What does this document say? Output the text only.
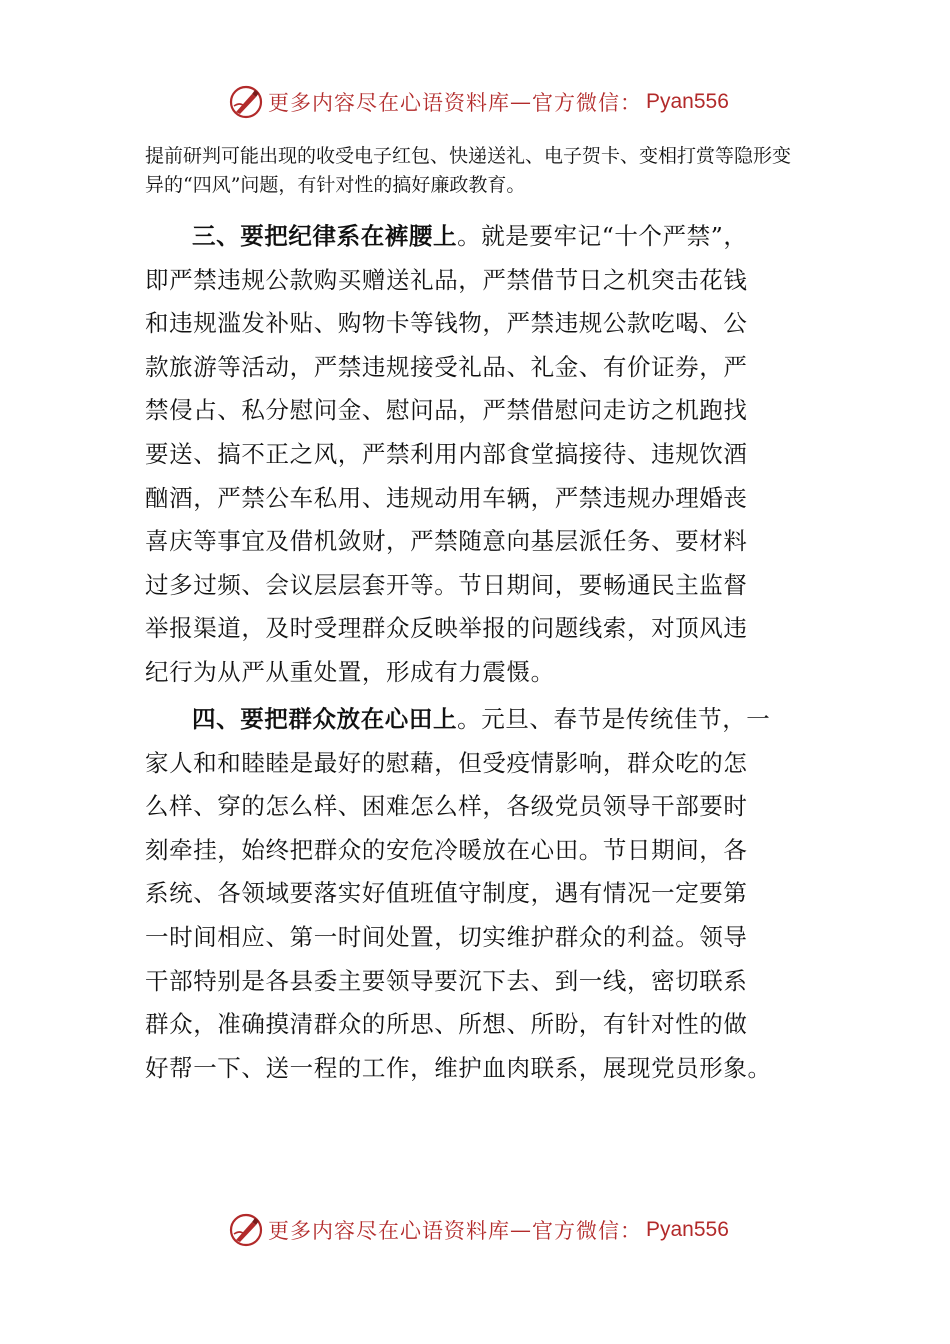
更多内容尽在心语资料库 — 官方微信： Pyan556

提前研判可能出现的收受电子红包、快递送礼、电子贺卡、变相打赏等隐形变

异的“四风”问题，有针对性的搞好廉政教育。

三、要把纪律系在裤腰上。就是要牢记“十个严禁”，
即严禁违规公款购买赠送礼品，严禁借节日之机突击花钱
和违规滥发补贴、购物卡等钱物，严禁违规公款吃喝、公
款旅游等活动，严禁违规接受礼品、礼金、有价证券，严
禁侵占、私分慰问金、慰问品，严禁借慰问走访之机跑找
要送、搞不正之风，严禁利用内部食堂搞接待、违规饮酒
酗酒，严禁公车私用、违规动用车辆，严禁违规办理婚丧
喜庆等事宜及借机敛财，严禁随意向基层派任务、要材料
过多过频、会议层层套开等。节日期间，要畅通民主监督
举报渠道，及时受理群众反映举报的问题线索，对顶风违
纪行为从严从重处置，形成有力震慑。
四、要把群众放在心田上。元旦、春节是传统佳节，一
家人和和睦睦是最好的慰藉，但受疫情影响，群众吃的怎
么样、穿的怎么样、困难怎么样，各级党员领导干部要时
刻牵挂，始终把群众的安危冷暖放在心田。节日期间，各
系统、各领域要落实好值班值守制度，遇有情况一定要第
一时间相应、第一时间处置，切实维护群众的利益。领导
干部特别是各县委主要领导要沉下去、到一线，密切联系
群众，准确摸清群众的所思、所想、所盼，有针对性的做
好帮一下、送一程的工作，维护血肉联系，展现党员形象。
更多内容尽在心语资料库 — 官方微信： Pyan556
